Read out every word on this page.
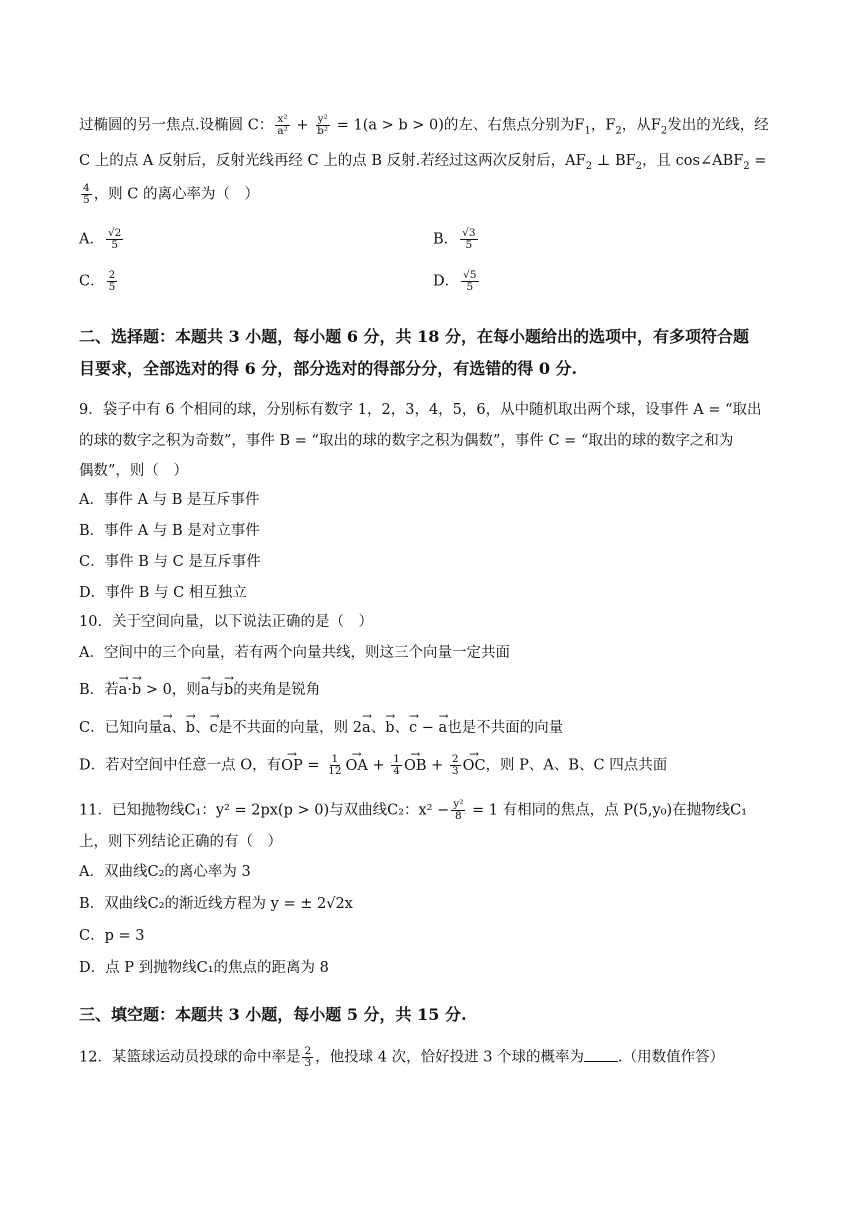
过椭圆的另一焦点.设椭圆 C： $\frac{\text{x²}}{\text{a²}} + \frac{\text{y²}}{\text{b²}} = 1(a > b > 0)$的左、右焦点分别为$F_1$，$F_2$，从$F_2$发出的光线，经
C 上的点 A 反射后，反射光线再经 C 上的点 B 反射.若经过这两次反射后，$AF_2$ ⊥ $BF_2$，且 $\cos\angle ABF_2$ =
$\frac{4}{5}$ ，则 C 的离心率为（　）
A． $\frac{√2}{5}$	B． $\frac{√3}{5}$
C． $\frac{2}{5}$	D． $\frac{√5}{5}$
二、选择题：本题共 3 小题，每小题 6 分，共 18 分，在每小题给出的选项中，有多项符合题
目要求，全部选对的得 6 分，部分选对的得部分分，有选错的得 0 分.
9．袋子中有 6 个相同的球，分别标有数字 1，2，3，4，5，6，从中随机取出两个球，设事件 A = “取出
的球的数字之积为奇数”，事件 B = “取出的球的数字之积为偶数”，事件 C = “取出的球的数字之和为
偶数”，则（　）
A．事件 A 与 B 是互斥事件
B．事件 A 与 B 是对立事件
C．事件 B 与 C 是互斥事件
D．事件 B 与 C 相互独立
10．关于空间向量，以下说法正确的是（　）
A．空间中的三个向量，若有两个向量共线，则这三个向量一定共面
B．若→ a·→ b > 0，则→ a与→ b的夹角是锐角
C．已知向量→ a、→ b、→ c是不共面的向量，则 2→ a、→ b、→ c − → a也是不共面的向量
D．若对空间中任意一点 O，有→ OP = $\frac{1}{12}$ → OA + $\frac{1}{4}$ → OB + $\frac{2}{3}$ → OC，则 P、A、B、C 四点共面
11．已知抛物线C₁：y² = 2px(p > 0)与双曲线C₂：$x^2 - \frac{\text{y²}}{8} = 1$ 有相同的焦点，点 P(5,y₀)在抛物线C₁
上，则下列结论正确的有（　）
A．双曲线C₂的离心率为 3
B．双曲线C₂的渐近线方程为 y = ± 2√2x
C．p = 3
D．点 P 到抛物线C₁的焦点的距离为 8
三、填空题：本题共 3 小题，每小题 5 分，共 15 分.
12．某篮球运动员投球的命中率是 $\frac{2}{3}$ ，他投球 4 次，恰好投进 3 个球的概率为 .（用数值作答）
